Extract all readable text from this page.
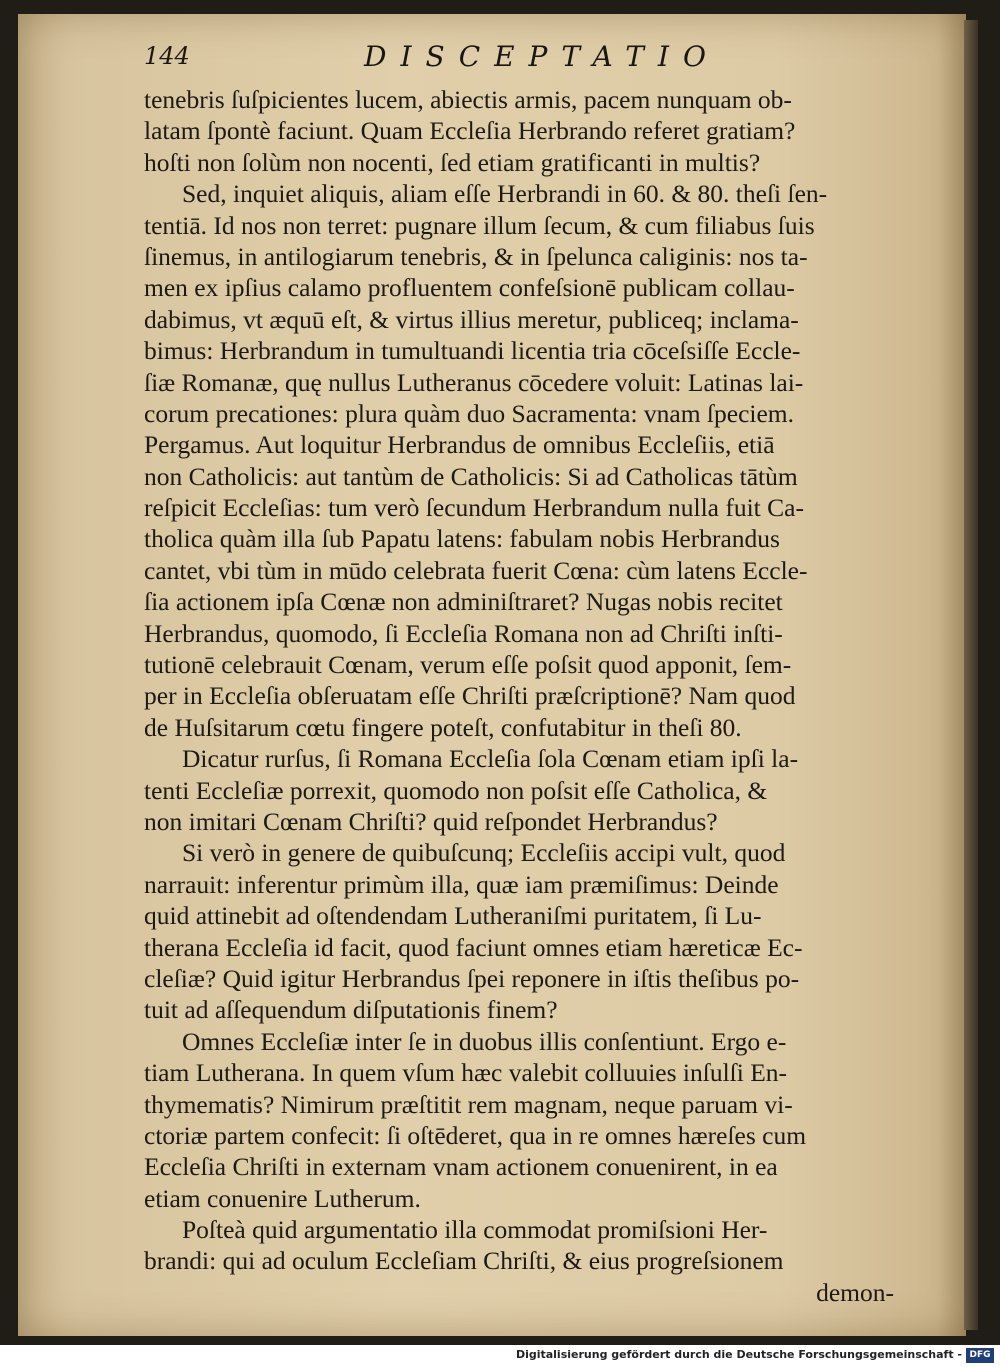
144	DISCEPTATIO
tenebris ſuſpicientes lucem, abiectis armis, pacem nunquam ob-
latam ſpontè faciunt. Quam Eccleſia Herbrando referet gratiam?
hoſti non ſolùm non nocenti, ſed etiam gratificanti in multis?
Sed, inquiet aliquis, aliam eſſe Herbrandi in 60. & 80. theſi ſen-
tentiā. Id nos non terret: pugnare illum ſecum, & cum filiabus ſuis
ſinemus, in antilogiarum tenebris, & in ſpelunca caliginis: nos ta-
men ex ipſius calamo profluentem confeſsionē publicam collau-
dabimus, vt æquū eſt, & virtus illius meretur, publiceq; inclama-
bimus: Herbrandum in tumultuandi licentia tria cōceſsiſſe Eccle-
ſiæ Romanæ, quę nullus Lutheranus cōcedere voluit: Latinas lai-
corum precationes: plura quàm duo Sacramenta: vnam ſpeciem.
Pergamus. Aut loquitur Herbrandus de omnibus Eccleſiis, etiā
non Catholicis: aut tantùm de Catholicis: Si ad Catholicas tātùm
reſpicit Eccleſias: tum verò ſecundum Herbrandum nulla fuit Ca-
tholica quàm illa ſub Papatu latens: fabulam nobis Herbrandus
cantet, vbi tùm in mūdo celebrata fuerit Cœna: cùm latens Eccle-
ſia actionem ipſa Cœnæ non adminiſtraret? Nugas nobis recitet
Herbrandus, quomodo, ſi Eccleſia Romana non ad Chriſti inſti-
tutionē celebrauit Cœnam, verum eſſe poſsit quod apponit, ſem-
per in Eccleſia obſeruatam eſſe Chriſti præſcriptionē? Nam quod
de Huſsitarum cœtu fingere poteſt, confutabitur in theſi 80.
Dicatur rurſus, ſi Romana Eccleſia ſola Cœnam etiam ipſi la-
tenti Eccleſiæ porrexit, quomodo non poſsit eſſe Catholica, &
non imitari Cœnam Chriſti? quid reſpondet Herbrandus?
Si verò in genere de quibuſcunq; Eccleſiis accipi vult, quod
narrauit: inferentur primùm illa, quæ iam præmiſimus: Deinde
quid attinebit ad oſtendendam Lutheraniſmi puritatem, ſi Lu-
therana Eccleſia id facit, quod faciunt omnes etiam hæreticæ Ec-
cleſiæ? Quid igitur Herbrandus ſpei reponere in iſtis theſibus po-
tuit ad aſſequendum diſputationis finem?
Omnes Eccleſiæ inter ſe in duobus illis conſentiunt. Ergo e-
tiam Lutherana. In quem vſum hæc valebit colluuies inſulſi En-
thymematis? Nimirum præſtitit rem magnam, neque paruam vi-
ctoriæ partem confecit: ſi oſtēderet, qua in re omnes hæreſes cum
Eccleſia Chriſti in externam vnam actionem conuenirent, in ea
etiam conuenire Lutherum.
Poſteà quid argumentatio illa commodat promiſsioni Her-
brandi: qui ad oculum Eccleſiam Chriſti, & eius progreſsionem
demon-
Digitalisierung gefördert durch die Deutsche Forschungsgemeinschaft - DFG
